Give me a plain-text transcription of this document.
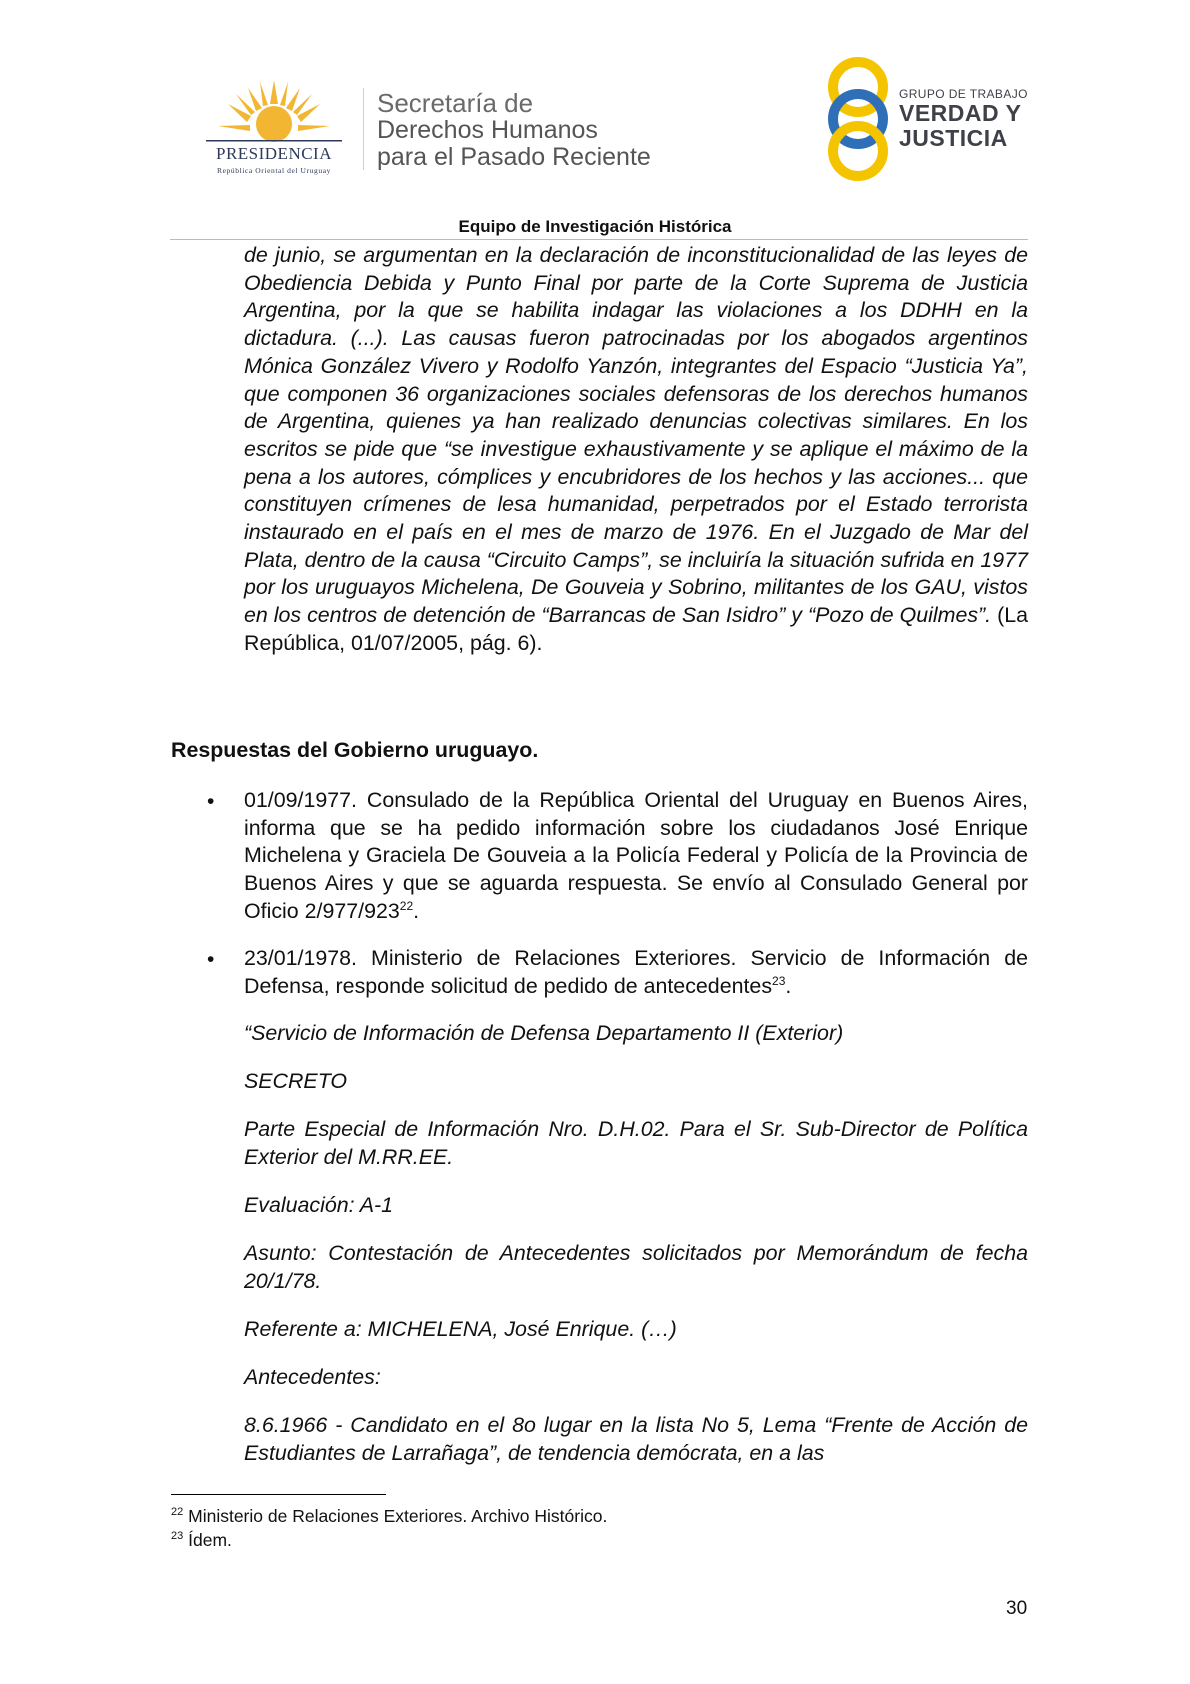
PRESIDENCIA
República Oriental del Uruguay
Secretaría de
Derechos Humanos
para el Pasado Reciente
GRUPO DE TRABAJO
VERDAD Y
JUSTICIA
Equipo de Investigación Histórica
de junio, se argumentan en la declaración de inconstitucionalidad de las leyes de Obediencia Debida y Punto Final por parte de la Corte Suprema de Justicia Argentina, por la que se habilita indagar las violaciones a los DDHH en la dictadura. (...). Las causas fueron patrocinadas por los abogados argentinos Mónica González Vivero y Rodolfo Yanzón, integrantes del Espacio “Justicia Ya”, que componen 36 organizaciones sociales defensoras de los derechos humanos de Argentina, quienes ya han realizado denuncias colectivas similares. En los escritos se pide que “se investigue exhaustivamente y se aplique el máximo de la pena a los autores, cómplices y encubridores de los hechos y las acciones... que constituyen crímenes de lesa humanidad, perpetrados por el Estado terrorista instaurado en el país en el mes de marzo de 1976. En el Juzgado de Mar del Plata, dentro de la causa “Circuito Camps”, se incluiría la situación sufrida en 1977 por los uruguayos Michelena, De Gouveia y Sobrino, militantes de los GAU, vistos en los centros de detención de “Barrancas de San Isidro” y “Pozo de Quilmes”. (La República, 01/07/2005, pág. 6).
Respuestas del Gobierno uruguayo.
• 01/09/1977. Consulado de la República Oriental del Uruguay en Buenos Aires, informa que se ha pedido información sobre los ciudadanos José Enrique Michelena y Graciela De Gouveia a la Policía Federal y Policía de la Provincia de Buenos Aires y que se aguarda respuesta. Se envío al Consulado General por Oficio $2/977/923^{22}$.
• 23/01/1978. Ministerio de Relaciones Exteriores. Servicio de Información de Defensa, responde solicitud de pedido de antecedentes$^{23}$.
“Servicio de Información de Defensa Departamento II (Exterior)
SECRETO
Parte Especial de Información Nro. D.H.02. Para el Sr. Sub-Director de Política Exterior del M.RR.EE.
Evaluación: A-1
Asunto: Contestación de Antecedentes solicitados por Memorándum de fecha 20/1/78.
Referente a: MICHELENA, José Enrique. (…)
Antecedentes:
8.6.1966 - Candidato en el 8o lugar en la lista No 5, Lema “Frente de Acción de Estudiantes de Larrañaga”, de tendencia demócrata, en a las
$^{22}$ Ministerio de Relaciones Exteriores. Archivo Histórico.
$^{23}$ Ídem.
30
